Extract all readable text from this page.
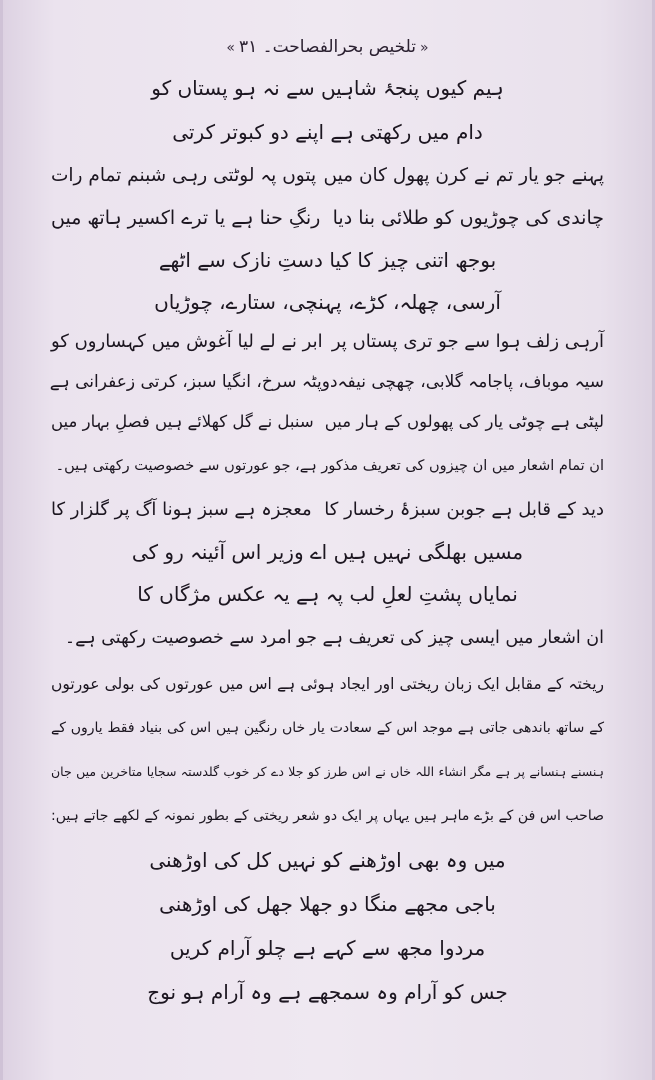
«تلخیص بحرالفصاحت۔ ۳۱»
ہیم کیوں پنجۂ شاہیں سے نہ ہو پستاں کو
دام میں رکھتی ہے اپنے دو کبوتر کرتی
پہنے جو یار تم نے کرن پھول کان میں
پتوں پہ لوٹتی رہی شبنم تمام رات
چاندی کی چوڑیوں کو طلائی بنا دیا
رنگِ حنا ہے یا ترے اکسیر ہاتھ میں
بوجھ اتنی چیز کا کیا دستِ نازک سے اٹھے
آرسی، چھلہ، کڑے، پہنچی، ستارے، چوڑیاں
آرہی زلف ہوا سے جو تری پستاں پر
ابر نے لے لیا آغوش میں کہساروں کو
سیہ موباف، پاجامہ گلابی، چھچی نیفہ
دوپٹہ سرخ، انگیا سبز، کرتی زعفرانی ہے
لپٹی ہے چوٹی یار کی پھولوں کے ہار میں
سنبل نے گل کھلائے ہیں فصلِ بہار میں
ان تمام اشعار میں ان چیزوں کی تعریف مذکور ہے، جو عورتوں سے خصوصیت رکھتی ہیں۔
دید کے قابل ہے جوبن سبزۂ رخسار کا
معجزہ ہے سبز ہونا آگ پر گلزار کا
مسیں بھلگی نہیں ہیں اے وزیر اس آئینہ رو کی
نمایاں پشتِ لعلِ لب پہ ہے یہ عکس مژگاں کا
ان اشعار میں ایسی چیز کی تعریف ہے جو امرد سے خصوصیت رکھتی ہے۔
ریختہ کے مقابل ایک زبان ریختی اور ایجاد ہوئی ہے اس میں عورتوں کی بولی عورتوں
کے ساتھ باندھی جاتی ہے موجد اس کے سعادت یار خاں رنگین ہیں اس کی بنیاد فقط یاروں کے
ہنسنے ہنسانے پر ہے مگر انشاء اللہ خاں نے اس طرز کو جلا دے کر خوب گلدستہ سجایا متاخرین میں جان
صاحب اس فن کے بڑے ماہر ہیں یہاں پر ایک دو شعر ریختی کے بطور نمونہ کے لکھے جاتے ہیں:
میں وہ بھی اوڑھنے کو نہیں کل کی اوڑھنی
باجی مجھے منگا دو جھلا جھل کی اوڑھنی
مردوا مجھ سے کہے ہے چلو آرام کریں
جس کو آرام وہ سمجھے ہے وہ آرام ہو نوج
